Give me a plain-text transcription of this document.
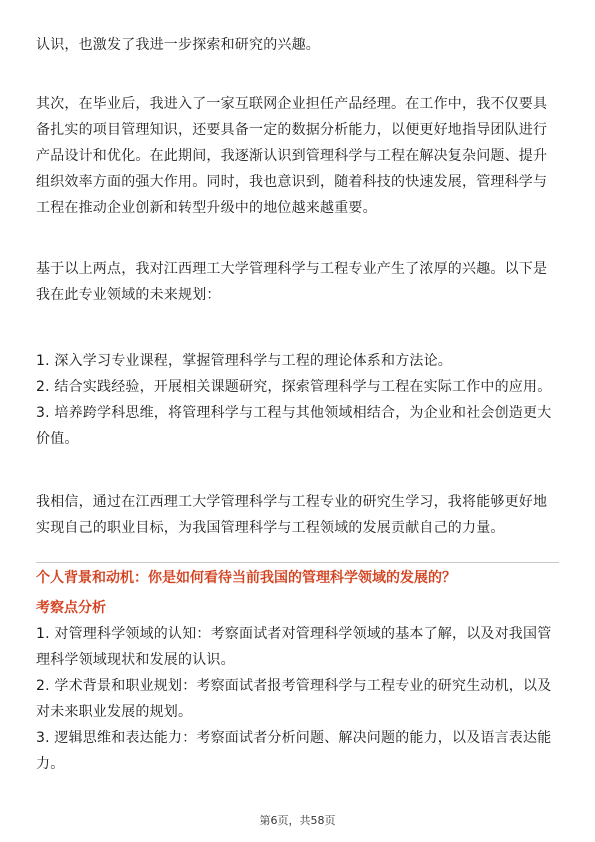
认识，也激发了我进一步探索和研究的兴趣。
其次，在毕业后，我进入了一家互联网企业担任产品经理。在工作中，我不仅要具
备扎实的项目管理知识，还要具备一定的数据分析能力，以便更好地指导团队进行
产品设计和优化。在此期间，我逐渐认识到管理科学与工程在解决复杂问题、提升
组织效率方面的强大作用。同时，我也意识到，随着科技的快速发展，管理科学与
工程在推动企业创新和转型升级中的地位越来越重要。
基于以上两点，我对江西理工大学管理科学与工程专业产生了浓厚的兴趣。以下是
我在此专业领域的未来规划：
1. 深入学习专业课程，掌握管理科学与工程的理论体系和方法论。
2. 结合实践经验，开展相关课题研究，探索管理科学与工程在实际工作中的应用。
3. 培养跨学科思维，将管理科学与工程与其他领域相结合，为企业和社会创造更大
价值。
我相信，通过在江西理工大学管理科学与工程专业的研究生学习，我将能够更好地
实现自己的职业目标，为我国管理科学与工程领域的发展贡献自己的力量。
个人背景和动机：你是如何看待当前我国的管理科学领域的发展的？
考察点分析
1. 对管理科学领域的认知：考察面试者对管理科学领域的基本了解，以及对我国管
理科学领域现状和发展的认识。
2. 学术背景和职业规划：考察面试者报考管理科学与工程专业的研究生动机，以及
对未来职业发展的规划。
3. 逻辑思维和表达能力：考察面试者分析问题、解决问题的能力，以及语言表达能
力。
第6页，共58页
